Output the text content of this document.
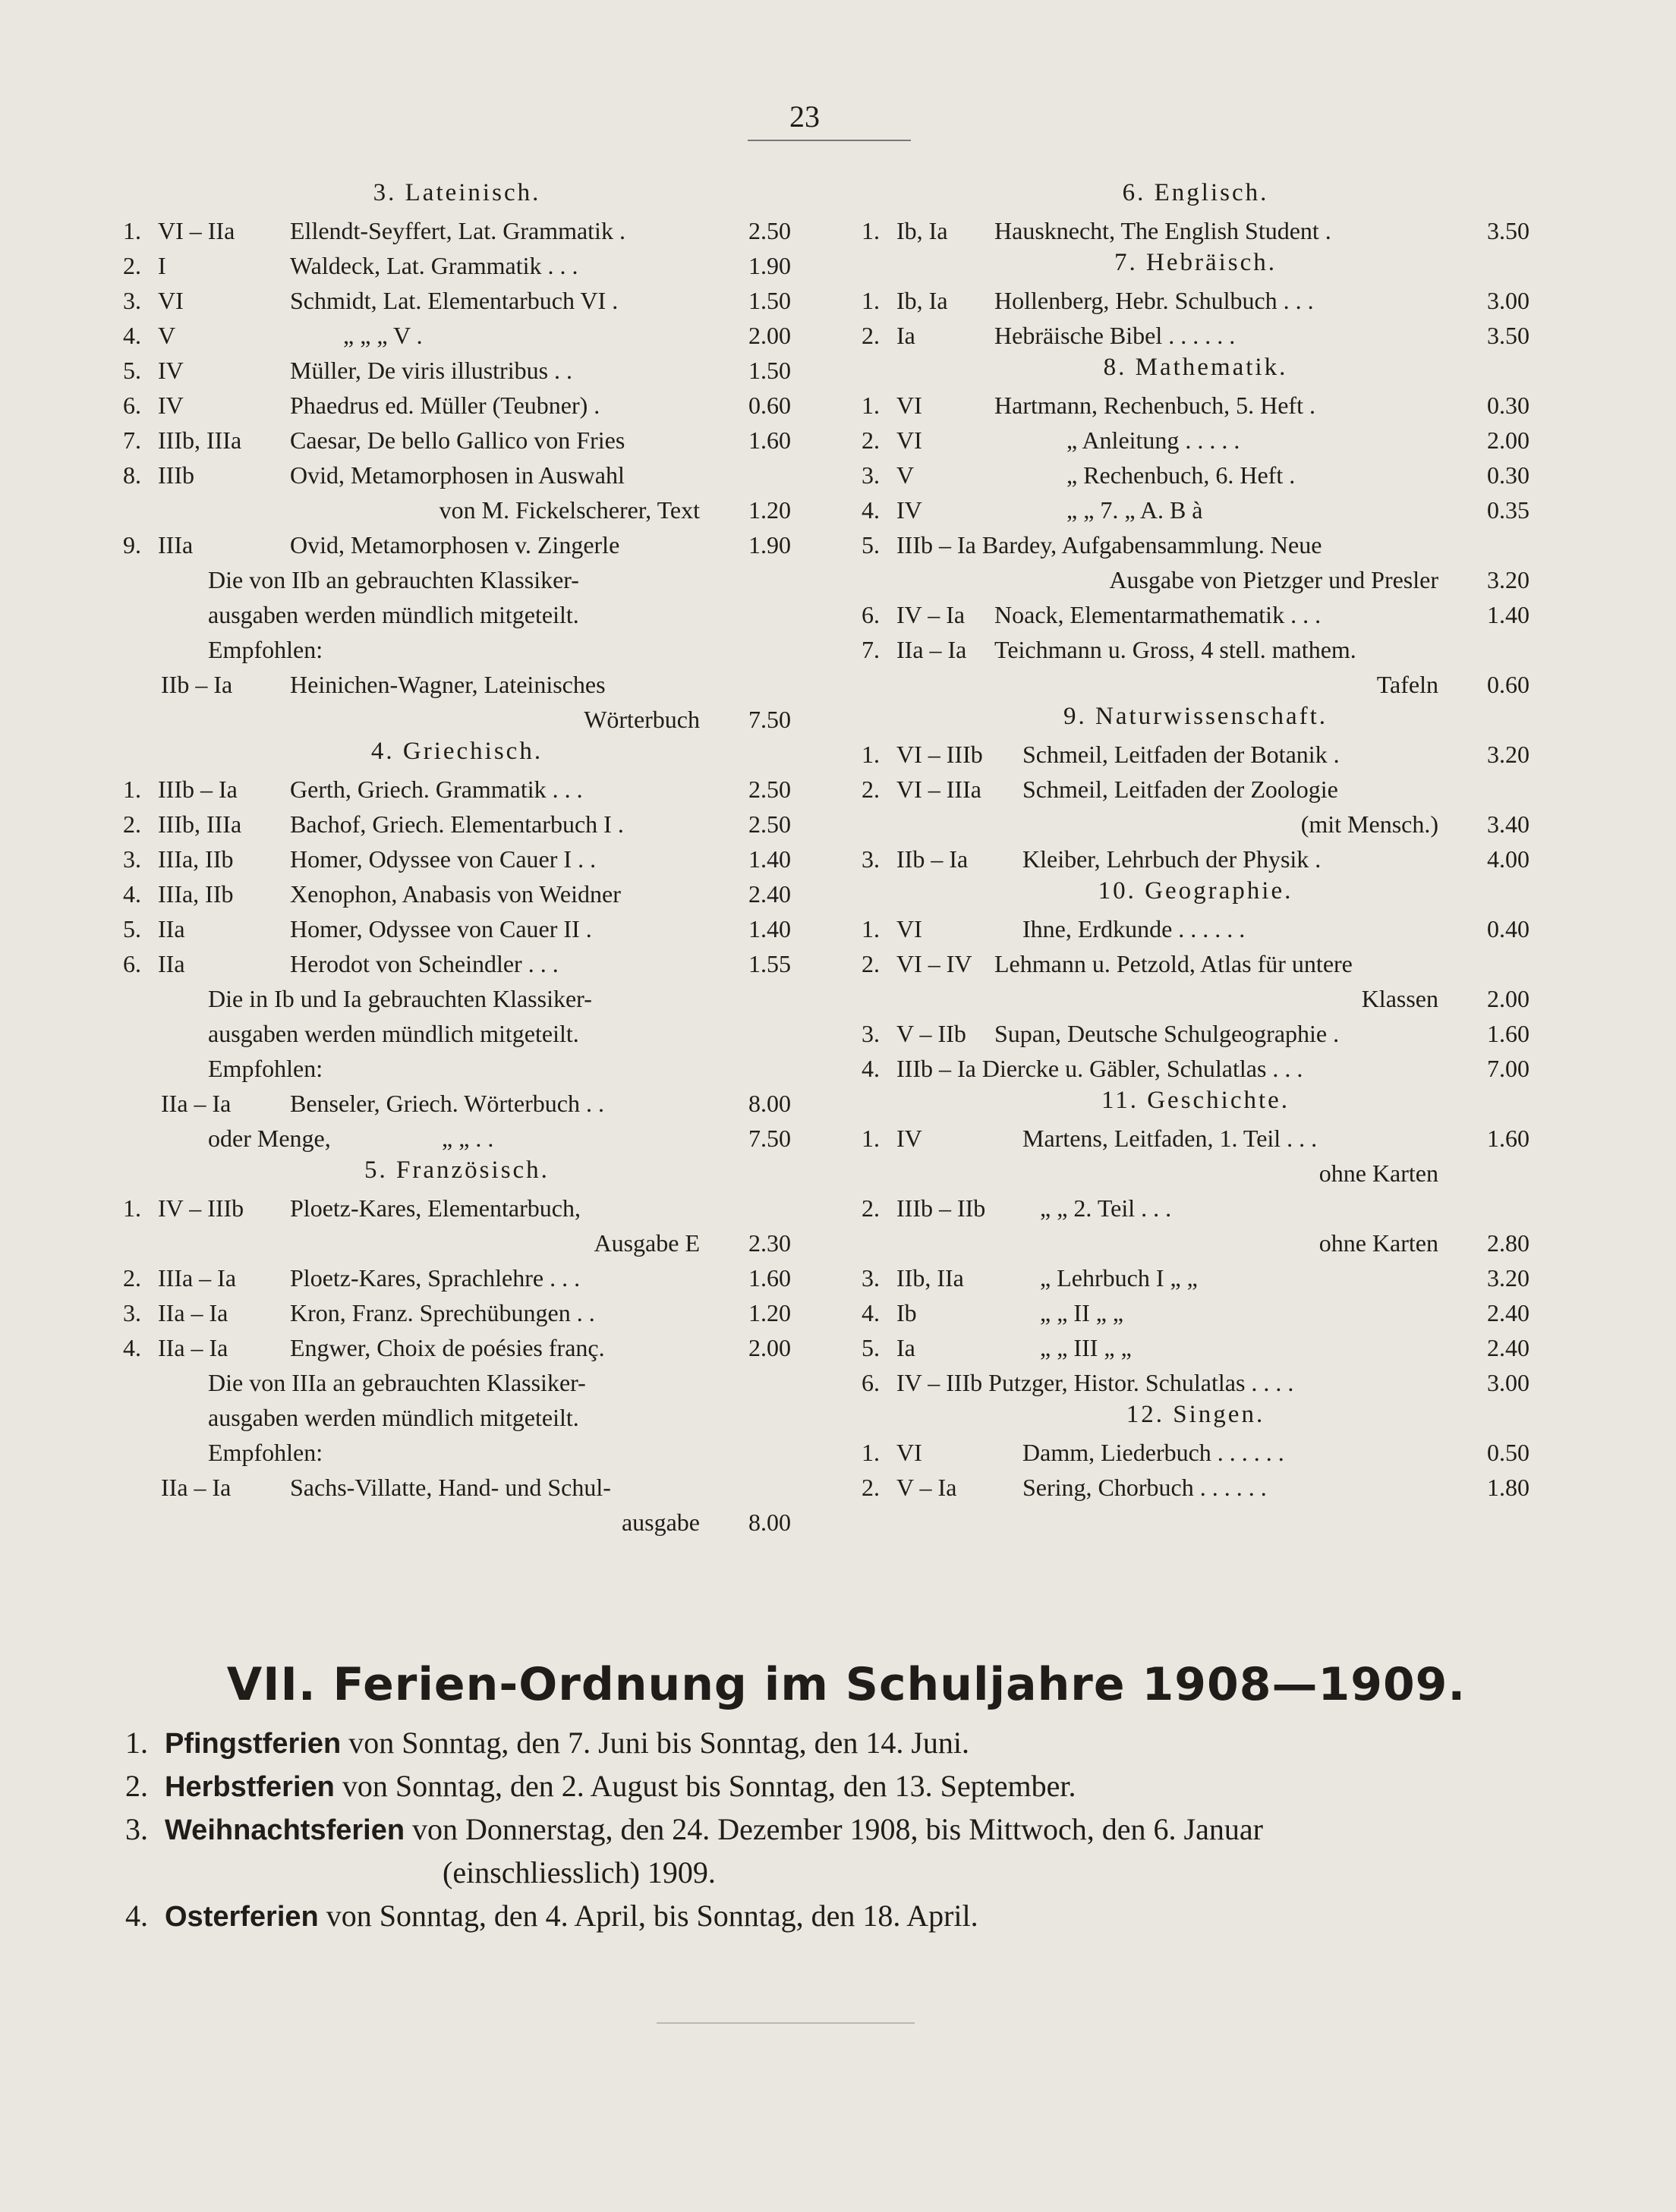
23
3. Lateinisch.
1. VI – IIa Ellendt-Seyffert, Lat. Grammatik .	2.50
2. I	Waldeck, Lat. Grammatik . . .	1.90
3. VI	Schmidt, Lat. Elementarbuch VI .	1.50
4. V	„ „ „ V .	2.00
5. IV	Müller, De viris illustribus . .	1.50
6. IV	Phaedrus ed. Müller (Teubner) .	0.60
7. IIIb, IIIa Caesar, De bello Gallico von Fries	1.60
8. IIIb	Ovid, Metamorphosen in Auswahl
von M. Fickelscherer, Text 1.20
9. IIIa	Ovid, Metamorphosen v. Zingerle	1.90
Die von IIb an gebrauchten Klassiker-
ausgaben werden mündlich mitgeteilt.
Empfohlen:
IIb – Ia Heinichen-Wagner, Lateinisches
Wörterbuch 7.50
4. Griechisch.
1. IIIb – Ia Gerth, Griech. Grammatik . . .	2.50
2. IIIb, IIIa Bachof, Griech. Elementarbuch I .	2.50
3. IIIa, IIb Homer, Odyssee von Cauer I . .	1.40
4. IIIa, IIb Xenophon, Anabasis von Weidner	2.40
5. IIa	Homer, Odyssee von Cauer II .	1.40
6. IIa	Herodot von Scheindler . . .	1.55
Die in Ib und Ia gebrauchten Klassiker-
ausgaben werden mündlich mitgeteilt.
Empfohlen:
IIa – Ia Benseler, Griech. Wörterbuch . .	8.00
oder Menge,	„ „ . .	7.50
5. Französisch.
1. IV – IIIb Ploetz-Kares, Elementarbuch,
Ausgabe E 2.30
2. IIIa – Ia Ploetz-Kares, Sprachlehre . . .	1.60
3. IIa – Ia	Kron, Franz. Sprechübungen . .	1.20
4. IIa – Ia	Engwer, Choix de poésies franç.	2.00
Die von IIIa an gebrauchten Klassiker-
ausgaben werden mündlich mitgeteilt.
Empfohlen:
IIa – Ia Sachs-Villatte, Hand- und Schul-
ausgabe 8.00
6. Englisch.
1. Ib, Ia Hausknecht, The English Student .	3.50
7. Hebräisch.
1. Ib, Ia Hollenberg, Hebr. Schulbuch . . .	3.00
2. Ia	Hebräische Bibel . . . . . .	3.50
8. Mathematik.
1. VI	Hartmann, Rechenbuch, 5. Heft .	0.30
2. VI	„ Anleitung . . . . .	2.00
3. V	„ Rechenbuch, 6. Heft .	0.30
4. IV	„ „ 7. „ A. B à	0.35
5. IIIb – Ia Bardey, Aufgabensammlung. Neue
Ausgabe von Pietzger und Presler 3.20
6. IV – Ia Noack, Elementarmathematik . . .	1.40
7. IIa – Ia Teichmann u. Gross, 4 stell. mathem.
Tafeln 0.60
9. Naturwissenschaft.
1. VI – IIIb Schmeil, Leitfaden der Botanik .	3.20
2. VI – IIIa Schmeil, Leitfaden der Zoologie
(mit Mensch.) 3.40
3. IIb – Ia Kleiber, Lehrbuch der Physik .	4.00
10. Geographie.
1. VI	Ihne, Erdkunde . . . . . .	0.40
2. VI – IV Lehmann u. Petzold, Atlas für untere
Klassen 2.00
3. V – IIb Supan, Deutsche Schulgeographie .	1.60
4. IIIb – Ia Diercke u. Gäbler, Schulatlas . . .	7.00
11. Geschichte.
1. IV	Martens, Leitfaden, 1. Teil . . .	1.60
ohne Karten
2. IIIb – IIb „ „ 2. Teil . . .
ohne Karten 2.80
3. IIb, IIa	„ Lehrbuch I „ „	3.20
4. Ib	„ „ II „ „	2.40
5. Ia	„ „ III „ „	2.40
6. IV – IIIb Putzger, Histor. Schulatlas . . . .	3.00
12. Singen.
1. VI	Damm, Liederbuch . . . . . .	0.50
2. V – Ia	Sering, Chorbuch . . . . . .	1.80
VII. Ferien-Ordnung im Schuljahre 1908—1909.
1. Pfingstferien von Sonntag, den 7. Juni bis Sonntag, den 14. Juni.
2. Herbstferien von Sonntag, den 2. August bis Sonntag, den 13. September.
3. Weihnachtsferien von Donnerstag, den 24. Dezember 1908, bis Mittwoch, den 6. Januar
(einschliesslich) 1909.
4. Osterferien von Sonntag, den 4. April, bis Sonntag, den 18. April.
